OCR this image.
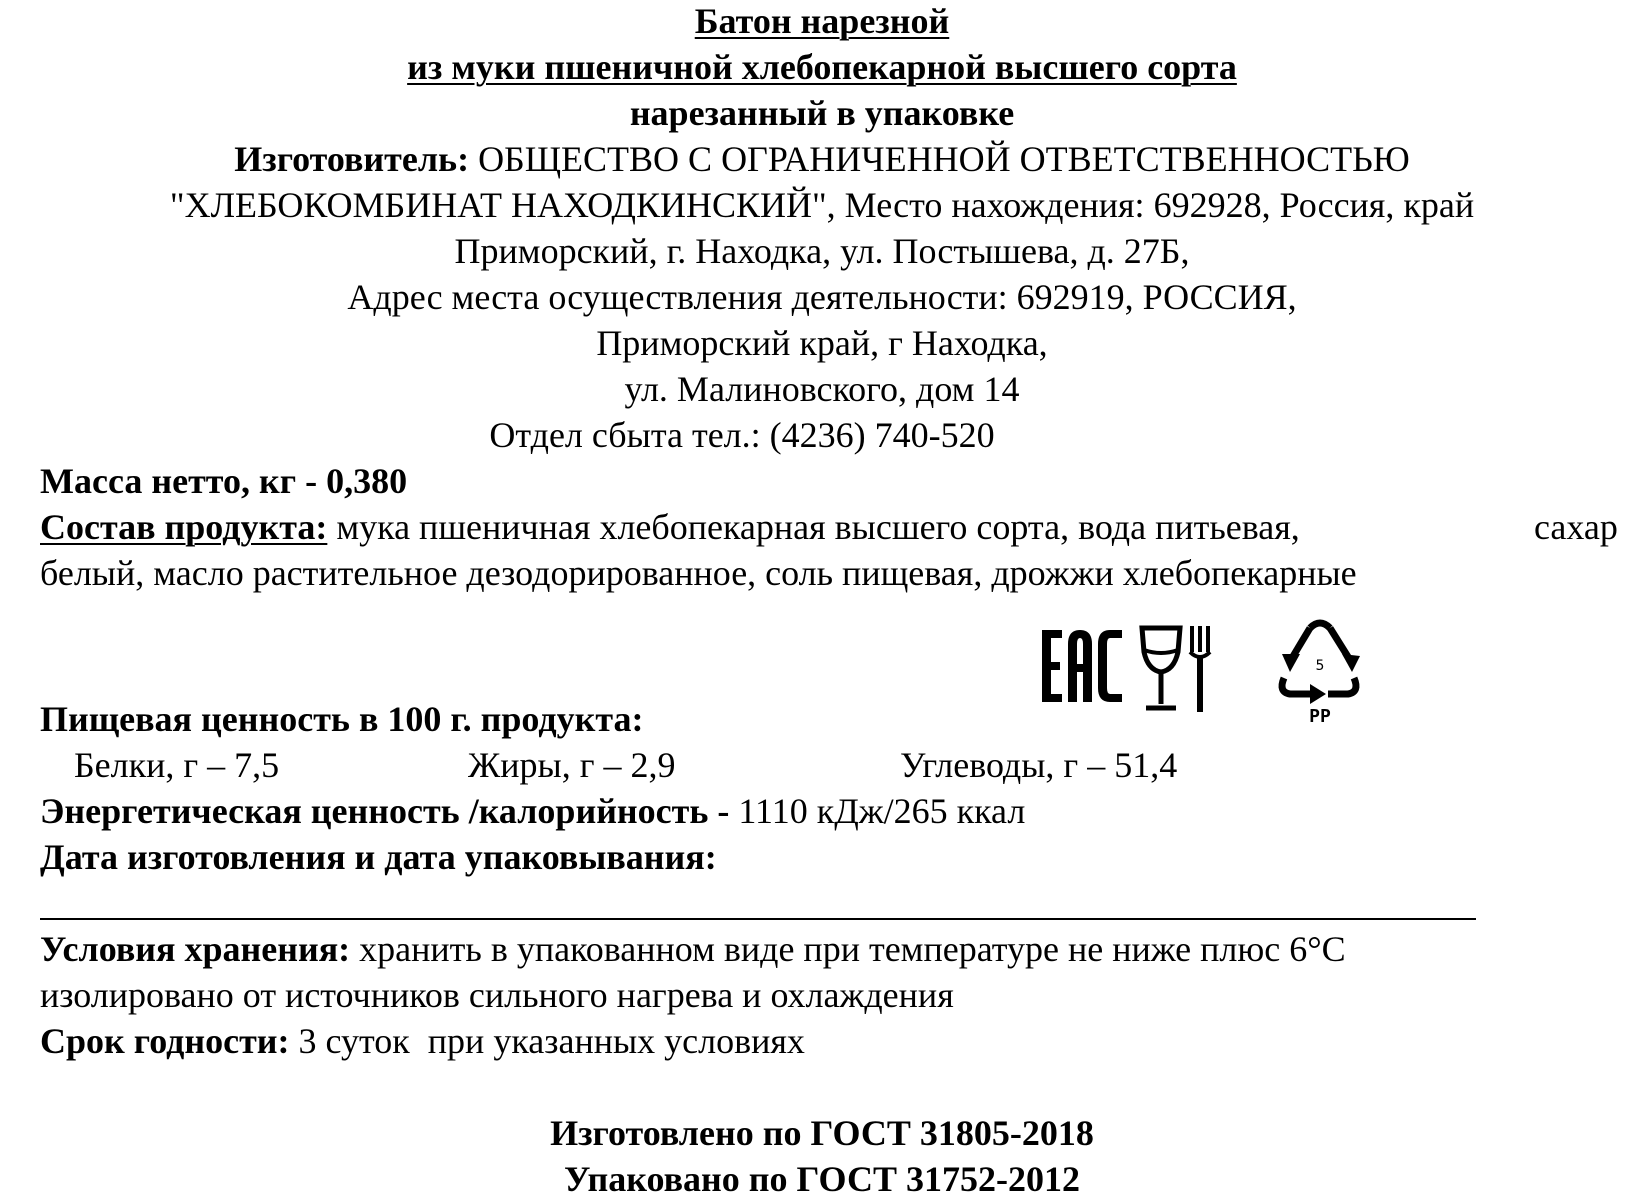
Батон нарезной
из муки пшеничной хлебопекарной высшего сорта
нарезанный в упаковке
Изготовитель: ОБЩЕСТВО С ОГРАНИЧЕННОЙ ОТВЕТСТВЕННОСТЬЮ
"ХЛЕБОКОМБИНАТ НАХОДКИНСКИЙ", Место нахождения: 692928, Россия, край
Приморский, г. Находка, ул. Постышева, д. 27Б,
Адрес места осуществления деятельности: 692919, РОССИЯ,
Приморский край, г Находка,
ул. Малиновского, дом 14
Отдел сбыта тел.: (4236) 740-520
Масса нетто, кг - 0,380
Состав продукта: мука пшеничная хлебопекарная высшего сорта, вода питьевая,	сахар
белый, масло растительное дезодорированное, соль пищевая, дрожжи хлебопекарные
5
PP
Пищевая ценность в 100 г. продукта:
Белки, г – 7,5	Жиры, г – 2,9	Углеводы, г – 51,4
Энергетическая ценность /калорийность - 1110 кДж/265 ккал
Дата изготовления и дата упаковывания:
Условия хранения: хранить в упакованном виде при температуре не ниже плюс 6°С
изолировано от источников сильного нагрева и охлаждения
Срок годности: 3 суток  при указанных условиях
Изготовлено по ГОСТ 31805-2018
Упаковано по ГОСТ 31752-2012
